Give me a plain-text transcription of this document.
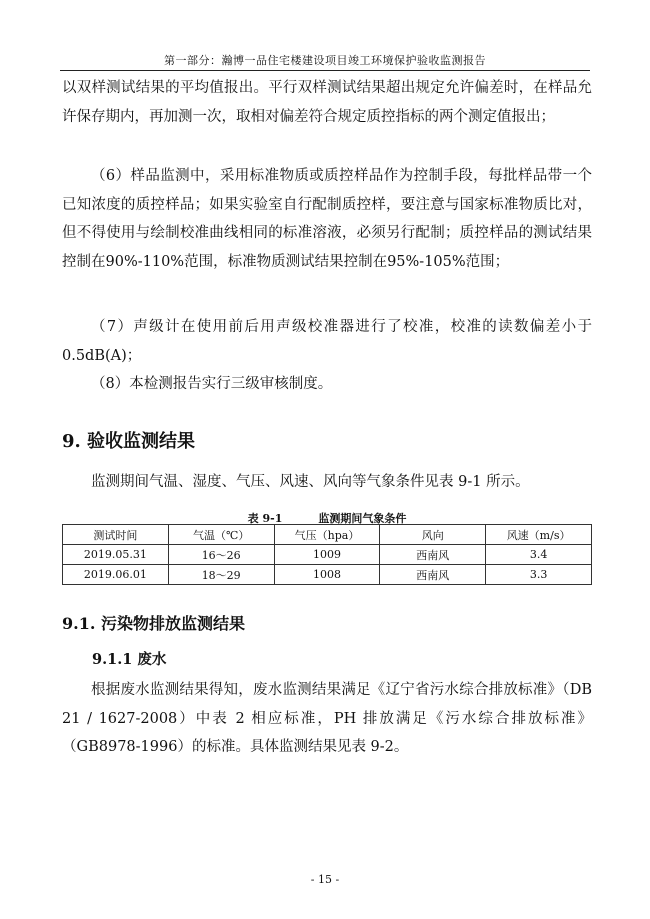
第一部分：瀚博一品住宅楼建设项目竣工环境保护验收监测报告

以双样测试结果的平均值报出。平行双样测试结果超出规定允许偏差时，在样品允许保存期内，再加测一次，取相对偏差符合规定质控指标的两个测定值报出；

（6）样品监测中，采用标准物质或质控样品作为控制手段，每批样品带一个已知浓度的质控样品；如果实验室自行配制质控样，要注意与国家标准物质比对，但不得使用与绘制校准曲线相同的标准溶液，必须另行配制；质控样品的测试结果控制在90%-110%范围，标准物质测试结果控制在95%-105%范围；

（7）声级计在使用前后用声级校准器进行了校准，校准的读数偏差小于0.5dB(A)；

（8）本检测报告实行三级审核制度。

9. 验收监测结果

监测期间气温、湿度、气压、风速、风向等气象条件见表 9-1 所示。

表 9-1	监测期间气象条件
测试时间	气温（℃）	气压（hpa）	风向	风速（m/s）
2019.05.31	16～26	1009	西南风	3.4
2019.06.01	18～29	1008	西南风	3.3
9.1. 污染物排放监测结果
9.1.1 废水

根据废水监测结果得知，废水监测结果满足《辽宁省污水综合排放标准》（DB 21 / 1627-2008）中表 2 相应标准，PH 排放满足《污水综合排放标准》（GB8978-1996）的标准。具体监测结果见表 9-2。

- 15 -
